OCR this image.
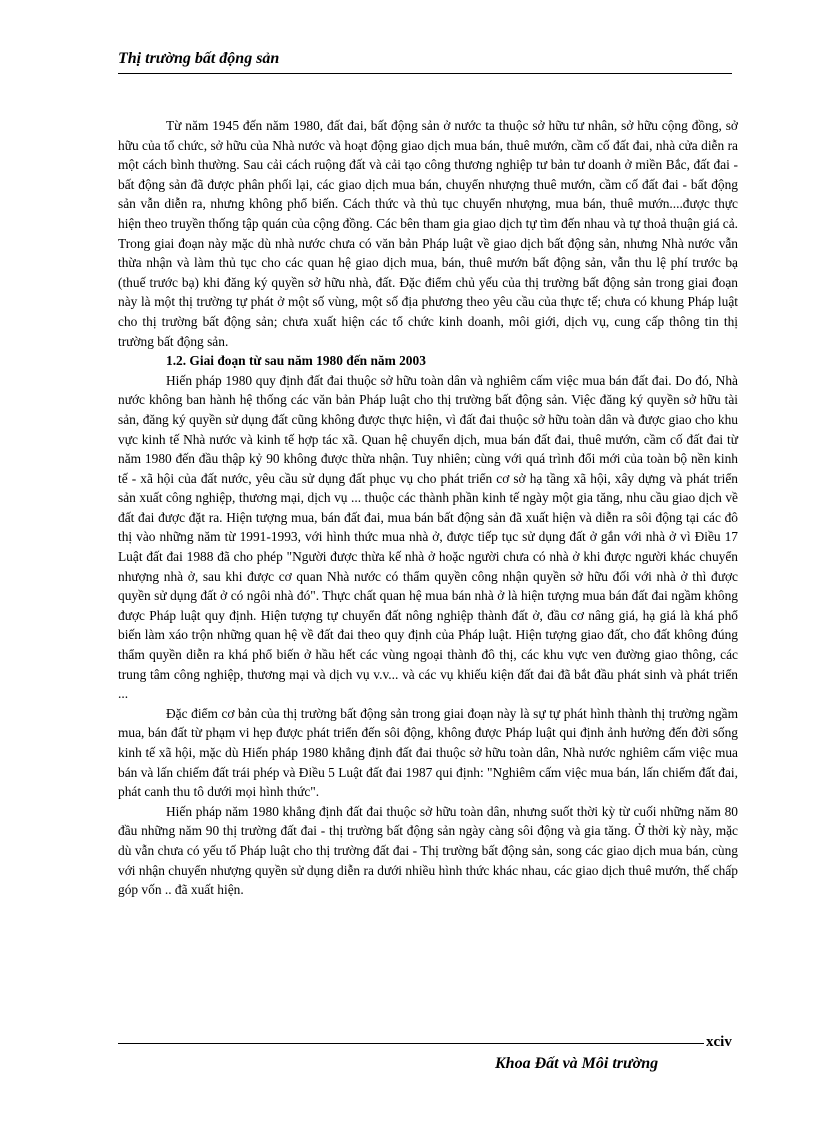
Thị trường bất động sản

Từ năm 1945 đến năm 1980, đất đai, bất động sản ở nước ta thuộc sở hữu tư nhân, sở hữu cộng đồng, sở hữu của tổ chức, sở hữu của Nhà nước và hoạt động giao dịch mua bán, thuê mướn, cầm cố đất đai, nhà cửa diễn ra một cách bình thường. Sau cải cách ruộng đất và cải tạo công thương nghiệp tư bản tư doanh ở miền Bắc, đất đai - bất động sản đã được phân phối lại, các giao dịch mua bán, chuyển nhượng thuê mướn, cầm cố đất đai - bất động sản vẫn diễn ra, nhưng không phổ biến. Cách thức và thủ tục chuyển nhượng, mua bán, thuê mướn....được thực hiện theo truyền thống tập quán của cộng đồng. Các bên tham gia giao dịch tự tìm đến nhau và tự thoả thuận giá cả. Trong giai đoạn này mặc dù nhà nước chưa có văn bản Pháp luật về giao dịch bất động sản, nhưng Nhà nước vẫn thừa nhận và làm thủ tục cho các quan hệ giao dịch mua, bán, thuê mướn bất động sản, vẫn thu lệ phí trước bạ (thuế trước bạ) khi đăng ký quyền sở hữu nhà, đất. Đặc điểm chủ yếu của thị trường bất động sản trong giai đoạn này là một thị trường tự phát ở một số vùng, một số địa phương theo yêu cầu của thực tế; chưa có khung Pháp luật cho thị trường bất động sản; chưa xuất hiện các tổ chức kinh doanh, môi giới, dịch vụ, cung cấp thông tin thị trường bất động sản.

1.2. Giai đoạn từ sau năm 1980 đến năm 2003

Hiến pháp 1980 quy định đất đai thuộc sở hữu toàn dân và nghiêm cấm việc mua bán đất đai. Do đó, Nhà nước không ban hành hệ thống các văn bản Pháp luật cho thị trường bất động sản. Việc đăng ký quyền sở hữu tài sản, đăng ký quyền sử dụng đất cũng không được thực hiện, vì đất đai thuộc sở hữu toàn dân và được giao cho khu vực kinh tế Nhà nước và kinh tế hợp tác xã. Quan hệ chuyển dịch, mua bán đất đai, thuê mướn, cầm cố đất đai từ năm 1980 đến đầu thập kỷ 90 không được thừa nhận. Tuy nhiên; cùng với quá trình đổi mới của toàn bộ nền kinh tế - xã hội của đất nước, yêu cầu sử dụng đất phục vụ cho phát triển cơ sở hạ tầng xã hội, xây dựng và phát triển sản xuất công nghiệp, thương mại, dịch vụ ... thuộc các thành phần kinh tế ngày một gia tăng, nhu cầu giao dịch về đất đai được đặt ra. Hiện tượng mua, bán đất đai, mua bán bất động sản đã xuất hiện và diễn ra sôi động tại các đô thị vào những năm từ 1991-1993, với hình thức mua nhà ở, được tiếp tục sử dụng đất ở gắn với nhà ở vì Điều 17 Luật đất đai 1988 đã cho phép "Người được thừa kế nhà ở hoặc người chưa có nhà ở khi được người khác chuyển nhượng nhà ở, sau khi được cơ quan Nhà nước có thẩm quyền công nhận quyền sở hữu đối với nhà ở thì được quyền sử dụng đất ở có ngôi nhà đó". Thực chất quan hệ mua bán nhà ở là hiện tượng mua bán đất đai ngầm không được Pháp luật quy định. Hiện tượng tự chuyển đất nông nghiệp thành đất ở, đầu cơ nâng giá, hạ giá là khá phổ biến làm xáo trộn những quan hệ về đất đai theo quy định của Pháp luật. Hiện tượng giao đất, cho đất không đúng thẩm quyền diễn ra khá phổ biến ở hầu hết các vùng ngoại thành đô thị, các khu vực ven đường giao thông, các trung tâm công nghiệp, thương mại và dịch vụ v.v... và các vụ khiếu kiện đất đai đã bắt đầu phát sinh và phát triển ...

Đặc điểm cơ bản của thị trường bất động sản trong giai đoạn này là sự tự phát hình thành thị trường ngầm mua, bán đất từ phạm vi hẹp được phát triển đến sôi động, không được Pháp luật qui định ảnh hưởng đến đời sống kinh tế xã hội, mặc dù Hiến pháp 1980 khẳng định đất đai thuộc sở hữu toàn dân, Nhà nước nghiêm cấm việc mua bán và lấn chiếm đất trái phép và Điều 5 Luật đất đai 1987 qui định: "Nghiêm cấm việc mua bán, lấn chiếm đất đai, phát canh thu tô dưới mọi hình thức".

Hiến pháp năm 1980 khẳng định đất đai thuộc sở hữu toàn dân, nhưng suốt thời kỳ từ cuối những năm 80 đầu những năm 90 thị trường đất đai - thị trường bất động sản ngày càng sôi động và gia tăng. Ở thời kỳ này, mặc dù vẫn chưa có yếu tố Pháp luật cho thị trường đất đai - Thị trường bất động sản, song các giao dịch mua bán, cùng với nhận chuyển nhượng quyền sử dụng diễn ra dưới nhiều hình thức khác nhau, các giao dịch thuê mướn, thế chấp góp vốn .. đã xuất hiện.

xciv
Khoa Đất và Môi trường
